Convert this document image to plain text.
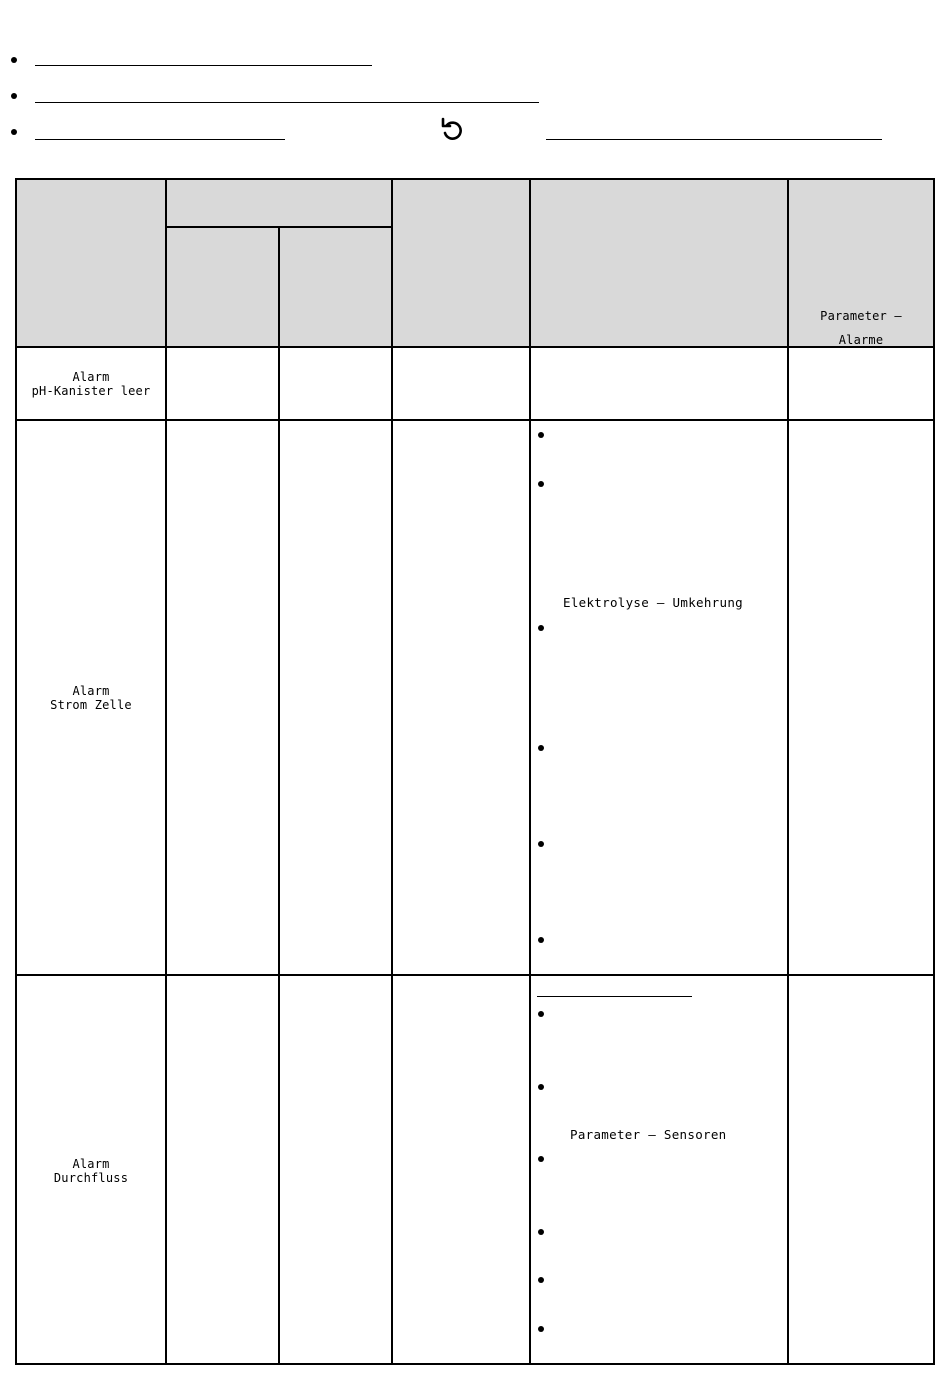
Parameter –
Alarme
Alarm
pH-Kanister leer
Alarm
Strom Zelle
Elektrolyse – Umkehrung
Alarm
Durchfluss
Parameter – Sensoren
